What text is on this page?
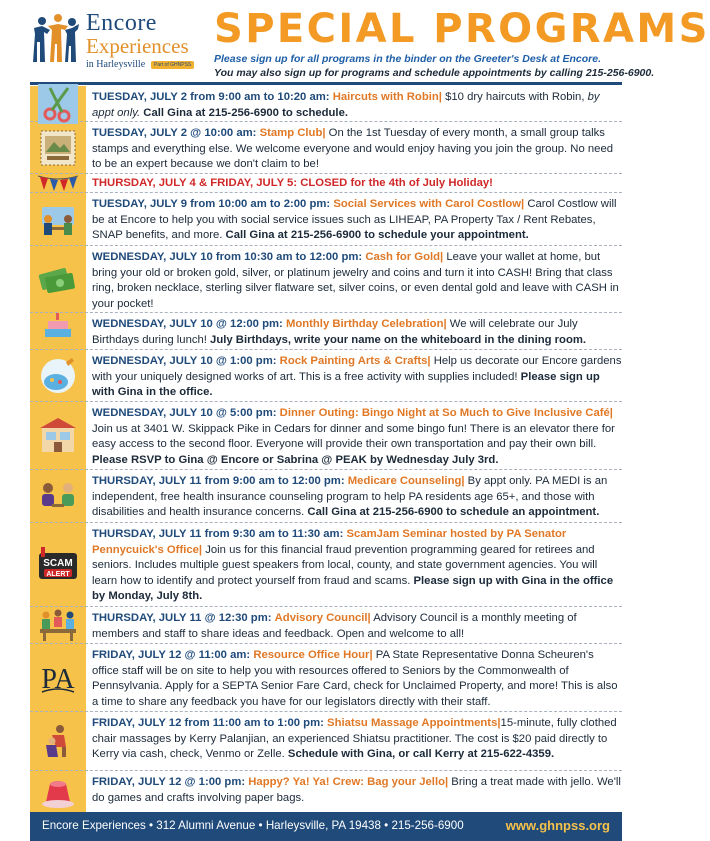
Encore
Experiences
in Harleysville	Part of GHNPSS
SPECIAL PROGRAMS
Please sign up for all programs in the binder on the Greeter's Desk at Encore.
You may also sign up for programs and schedule appointments by calling 215-256-6900.
TUESDAY, JULY 2 from 9:00 am to 10:20 am: Haircuts with Robin| $10 dry haircuts with Robin, by appt only. Call Gina at 215-256-6900 to schedule.
TUESDAY, JULY 2 @ 10:00 am: Stamp Club| On the 1st Tuesday of every month, a small group talks stamps and everything else. We welcome everyone and would enjoy having you join the group. No need to be an expert because we don't claim to be!
THURSDAY, JULY 4 & FRIDAY, JULY 5: CLOSED for the 4th of July Holiday!
TUESDAY, JULY 9 from 10:00 am to 2:00 pm: Social Services with Carol Costlow| Carol Costlow will be at Encore to help you with social service issues such as LIHEAP, PA Property Tax / Rent Rebates, SNAP benefits, and more. Call Gina at 215-256-6900 to schedule your appointment.
WEDNESDAY, JULY 10 from 10:30 am to 12:00 pm: Cash for Gold| Leave your wallet at home, but bring your old or broken gold, silver, or platinum jewelry and coins and turn it into CASH! Bring that class ring, broken necklace, sterling silver flatware set, silver coins, or even dental gold and leave with CASH in your pocket!
WEDNESDAY, JULY 10 @ 12:00 pm: Monthly Birthday Celebration| We will celebrate our July Birthdays during lunch! July Birthdays, write your name on the whiteboard in the dining room.
WEDNESDAY, JULY 10 @ 1:00 pm: Rock Painting Arts & Crafts| Help us decorate our Encore gardens with your uniquely designed works of art. This is a free activity with supplies included! Please sign up with Gina in the office.
WEDNESDAY, JULY 10 @ 5:00 pm: Dinner Outing: Bingo Night at So Much to Give Inclusive Café| Join us at 3401 W. Skippack Pike in Cedars for dinner and some bingo fun! There is an elevator there for easy access to the second floor. Everyone will provide their own transportation and pay their own bill. Please RSVP to Gina @ Encore or Sabrina @ PEAK by Wednesday July 3rd.
THURSDAY, JULY 11 from 9:00 am to 12:00 pm: Medicare Counseling| By appt only. PA MEDI is an independent, free health insurance counseling program to help PA residents age 65+, and those with disabilities and health insurance concerns. Call Gina at 215-256-6900 to schedule an appointment.
SCAM
ALERT
THURSDAY, JULY 11 from 9:30 am to 11:30 am: ScamJam Seminar hosted by PA Senator Pennycuick's Office| Join us for this financial fraud prevention programming geared for retirees and seniors. Includes multiple guest speakers from local, county, and state government agencies. You will learn how to identify and protect yourself from fraud and scams. Please sign up with Gina in the office by Monday, July 8th.
THURSDAY, JULY 11 @ 12:30 pm: Advisory Council| Advisory Council is a monthly meeting of members and staff to share ideas and feedback. Open and welcome to all!
PA
FRIDAY, JULY 12 @ 11:00 am: Resource Office Hour| PA State Representative Donna Scheuren's office staff will be on site to help you with resources offered to Seniors by the Commonwealth of Pennsylvania. Apply for a SEPTA Senior Fare Card, check for Unclaimed Property, and more! This is also a time to share any feedback you have for our legislators directly with their staff.
FRIDAY, JULY 12 from 11:00 am to 1:00 pm: Shiatsu Massage Appointments|15-minute, fully clothed chair massages by Kerry Palanjian, an experienced Shiatsu practitioner. The cost is $20 paid directly to Kerry via cash, check, Venmo or Zelle. Schedule with Gina, or call Kerry at 215-622-4359.
FRIDAY, JULY 12 @ 1:00 pm: Happy? Ya! Ya! Crew: Bag your Jello| Bring a treat made with jello. We'll do games and crafts involving paper bags.
Encore Experiences • 312 Alumni Avenue • Harleysville, PA 19438 • 215-256-6900	www.ghnpss.org
